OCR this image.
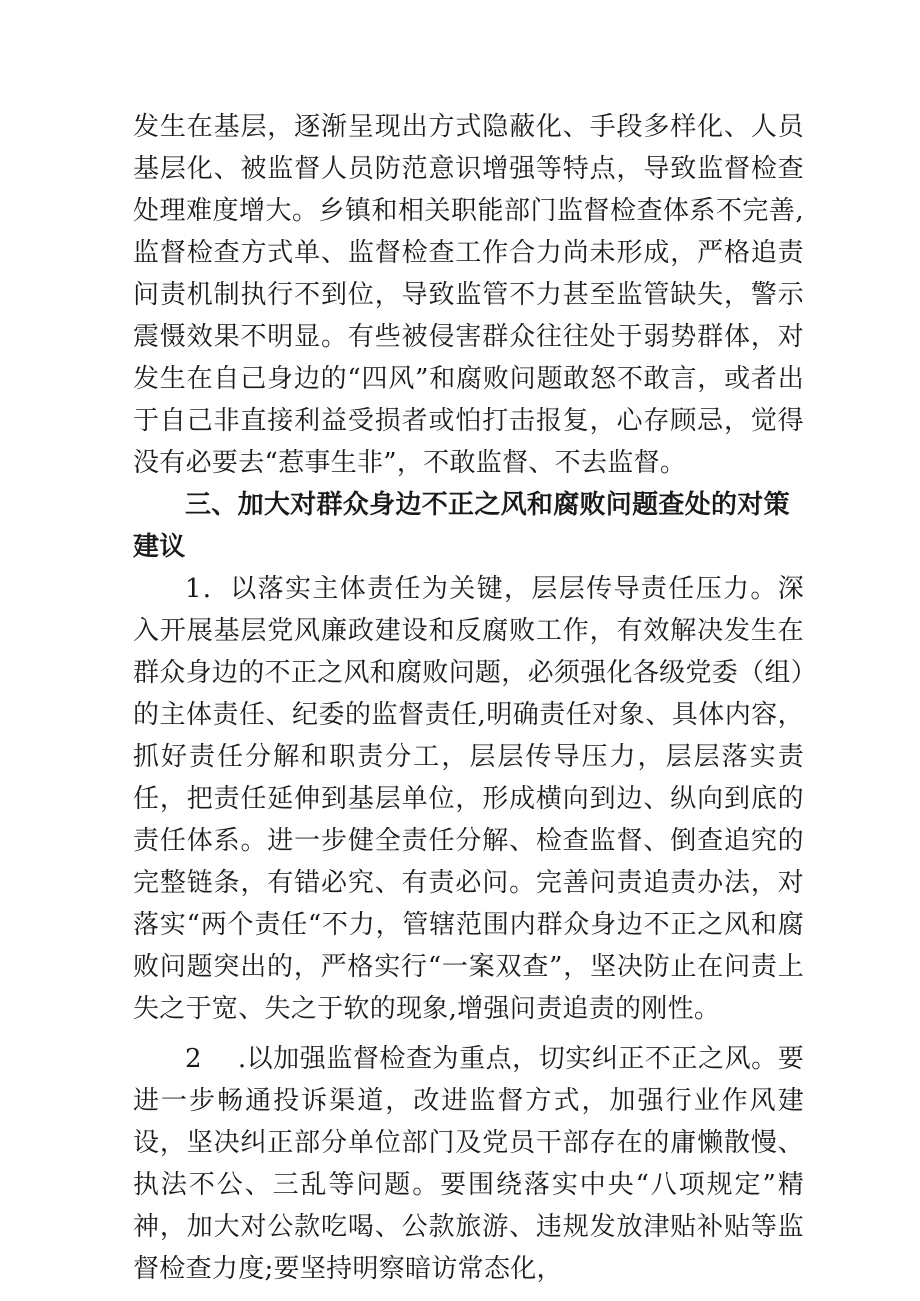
发生在基层，逐渐呈现出方式隐蔽化、手段多样化、人员基层化、被监督人员防范意识增强等特点，导致监督检查处理难度增大。乡镇和相关职能部门监督检查体系不完善,监督检查方式单、监督检查工作合力尚未形成，严格追责问责机制执行不到位，导致监管不力甚至监管缺失，警示震慑效果不明显。有些被侵害群众往往处于弱势群体，对发生在自己身边的“四风”和腐败问题敢怒不敢言，或者出于自己非直接利益受损者或怕打击报复，心存顾忌，觉得没有必要去“惹事生非”，不敢监督、不去监督。

三、加大对群众身边不正之风和腐败问题查处的对策建议

1．以落实主体责任为关键，层层传导责任压力。深入开展基层党风廉政建设和反腐败工作，有效解决发生在群众身边的不正之风和腐败问题，必须强化各级党委（组）的主体责任、纪委的监督责任,明确责任对象、具体内容，抓好责任分解和职责分工，层层传导压力，层层落实责任，把责任延伸到基层单位，形成横向到边、纵向到底的责任体系。进一步健全责任分解、检查监督、倒查追究的完整链条，有错必究、有责必问。完善问责追责办法，对落实“两个责任“不力，管辖范围内群众身边不正之风和腐败问题突出的，严格实行“一案双查”，坚决防止在问责上失之于宽、失之于软的现象,增强问责追责的刚性。

2 .以加强监督检查为重点，切实纠正不正之风。要进一步畅通投诉渠道，改进监督方式，加强行业作风建设，坚决纠正部分单位部门及党员干部存在的庸懒散慢、执法不公、三乱等问题。要围绕落实中央“八项规定”精神，加大对公款吃喝、公款旅游、违规发放津贴补贴等监督检查力度;要坚持明察暗访常态化，
